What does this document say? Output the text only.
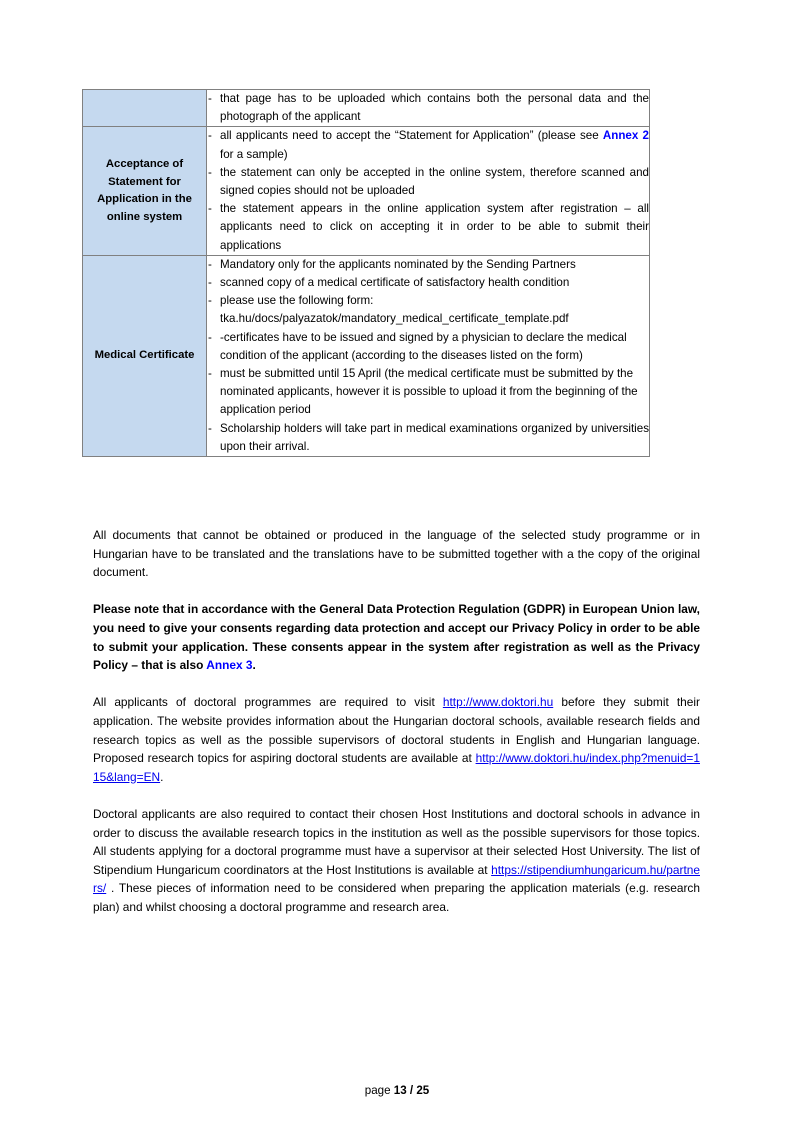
- that page has to be uploaded which contains both the personal data and the photograph of the applicant

Acceptance of Statement for Application in the online system	
- all applicants need to accept the “Statement for Application” (please see Annex 2 for a sample)
- the statement can only be accepted in the online system, therefore scanned and signed copies should not be uploaded
- the statement appears in the online application system after registration – all applicants need to click on accepting it in order to be able to submit their applications

Medical Certificate	
- Mandatory only for the applicants nominated by the Sending Partners
- scanned copy of a medical certificate of satisfactory health condition
- please use the following form:
tka.hu/docs/palyazatok/mandatory_medical_certificate_template.pdf
- -certificates have to be issued and signed by a physician to declare the medical condition of the applicant (according to the diseases listed on the form)
- must be submitted until 15 April (the medical certificate must be submitted by the nominated applicants, however it is possible to upload it from the beginning of the application period
- Scholarship holders will take part in medical examinations organized by universities upon their arrival.

All documents that cannot be obtained or produced in the language of the selected study programme or in Hungarian have to be translated and the translations have to be submitted together with a the copy of the original document.

Please note that in accordance with the General Data Protection Regulation (GDPR) in European Union law, you need to give your consents regarding data protection and accept our Privacy Policy in order to be able to submit your application. These consents appear in the system after registration as well as the Privacy Policy – that is also Annex 3.

All applicants of doctoral programmes are required to visit http://www.doktori.hu before they submit their application. The website provides information about the Hungarian doctoral schools, available research fields and research topics as well as the possible supervisors of doctoral students in English and Hungarian language. Proposed research topics for aspiring doctoral students are available at http://www.doktori.hu/index.php?menuid=115&lang=EN.

Doctoral applicants are also required to contact their chosen Host Institutions and doctoral schools in advance in order to discuss the available research topics in the institution as well as the possible supervisors for those topics. All students applying for a doctoral programme must have a supervisor at their selected Host University. The list of Stipendium Hungaricum coordinators at the Host Institutions is available at https://stipendiumhungaricum.hu/partners/ . These pieces of information need to be considered when preparing the application materials (e.g. research plan) and whilst choosing a doctoral programme and research area.

page 13 / 25
